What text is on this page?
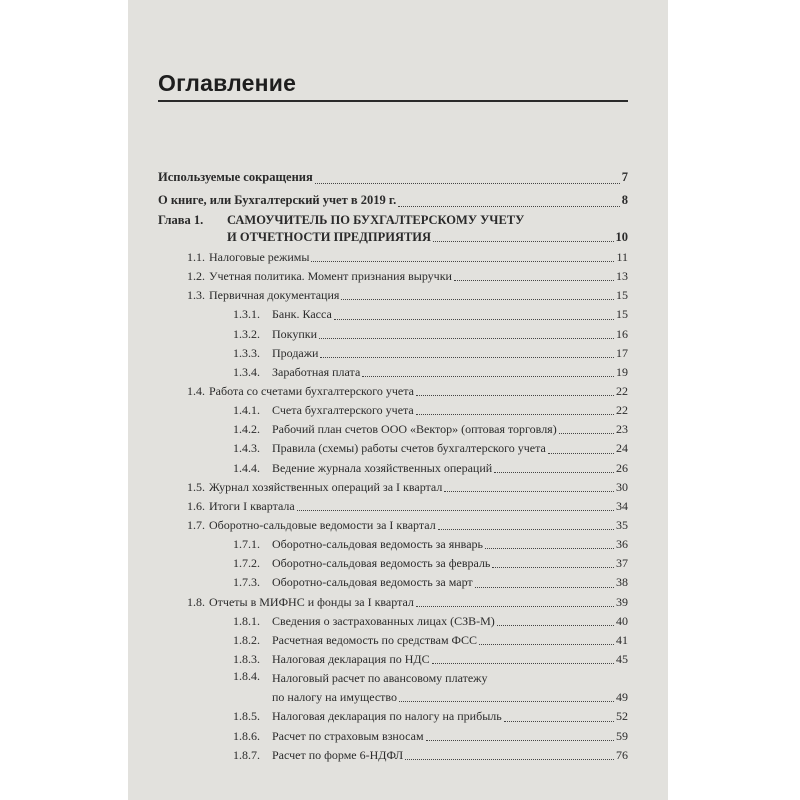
Оглавление
Используемые сокращения	7
О книге, или Бухгалтерский учет в 2019 г.	8
Глава 1.	САМОУЧИТЕЛЬ ПО БУХГАЛТЕРСКОМУ УЧЕТУ
И ОТЧЕТНОСТИ ПРЕДПРИЯТИЯ	10
1.1. Налоговые режимы	11
1.2. Учетная политика. Момент признания выручки	13
1.3. Первичная документация	15
1.3.1.	Банк. Касса	15
1.3.2.	Покупки	16
1.3.3.	Продажи	17
1.3.4.	Заработная плата	19
1.4. Работа со счетами бухгалтерского учета	22
1.4.1.	Счета бухгалтерского учета	22
1.4.2.	Рабочий план счетов ООО «Вектор» (оптовая торговля)	23
1.4.3.	Правила (схемы) работы счетов бухгалтерского учета	24
1.4.4.	Ведение журнала хозяйственных операций	26
1.5. Журнал хозяйственных операций за I квартал	30
1.6. Итоги I квартала	34
1.7. Оборотно-сальдовые ведомости за I квартал	35
1.7.1.	Оборотно-сальдовая ведомость за январь	36
1.7.2.	Оборотно-сальдовая ведомость за февраль	37
1.7.3.	Оборотно-сальдовая ведомость за март	38
1.8. Отчеты в МИФНС и фонды за I квартал	39
1.8.1.	Сведения о застрахованных лицах (СЗВ-М)	40
1.8.2.	Расчетная ведомость по средствам ФСС	41
1.8.3.	Налоговая декларация по НДС	45
1.8.4.	Налоговый расчет по авансовому платежу
по налогу на имущество	49
1.8.5.	Налоговая декларация по налогу на прибыль	52
1.8.6.	Расчет по страховым взносам	59
1.8.7.	Расчет по форме 6-НДФЛ	76
